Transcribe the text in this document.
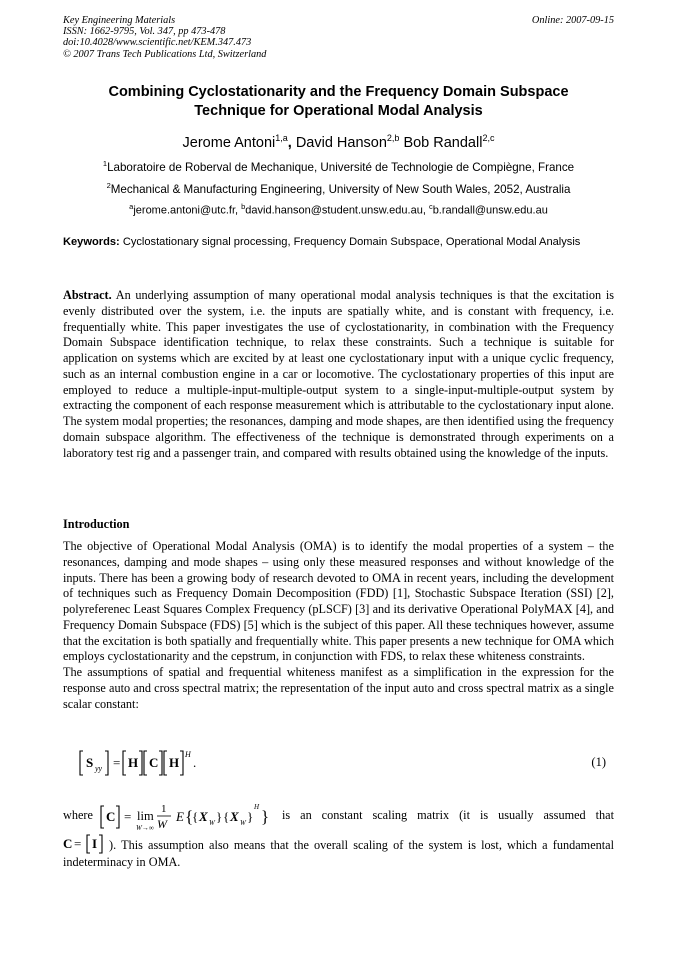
Key Engineering Materials
ISSN: 1662-9795, Vol. 347, pp 473-478
doi:10.4028/www.scientific.net/KEM.347.473
© 2007 Trans Tech Publications Ltd, Switzerland
Online: 2007-09-15
Combining Cyclostationarity and the Frequency Domain Subspace
Technique for Operational Modal Analysis
Jerome Antoni$^{1,a}$, David Hanson$^{2,b}$ Bob Randall$^{2,c}$
$^1$Laboratoire de Roberval de Mechanique, Université de Technologie de Compiègne, France
$^2$Mechanical & Manufacturing Engineering, University of New South Wales, 2052, Australia
$^a$jerome.antoni@utc.fr, $^b$david.hanson@student.unsw.edu.au, $^c$b.randall@unsw.edu.au
Keywords: Cyclostationary signal processing, Frequency Domain Subspace, Operational Modal Analysis
Abstract. An underlying assumption of many operational modal analysis techniques is that the excitation is evenly distributed over the system, i.e. the inputs are spatially white, and is constant with frequency, i.e. frequentially white. This paper investigates the use of cyclostationarity, in combination with the Frequency Domain Subspace identification technique, to relax these constraints. Such a technique is suitable for application on systems which are excited by at least one cyclostationary input with a unique cyclic frequency, such as an internal combustion engine in a car or locomotive. The cyclostationary properties of this input are employed to reduce a multiple-input-multiple-output system to a single-input-multiple-output system by extracting the component of each response measurement which is attributable to the cyclostationary input alone. The system modal properties; the resonances, damping and mode shapes, are then identified using the frequency domain subspace algorithm. The effectiveness of the technique is demonstrated through experiments on a laboratory test rig and a passenger train, and compared with results obtained using the knowledge of the inputs.
Introduction
The objective of Operational Modal Analysis (OMA) is to identify the modal properties of a system – the resonances, damping and mode shapes – using only these measured responses and without knowledge of the inputs. There has been a growing body of research devoted to OMA in recent years, including the development of techniques such as Frequency Domain Decomposition (FDD) [1], Stochastic Subspace Iteration (SSI) [2], polyreferenec Least Squares Complex Frequency (pLSCF) [3] and its derivative Operational PolyMAX [4], and Frequency Domain Subspace (FDS) [5] which is the subject of this paper. All these techniques however, assume that the excitation is both spatially and frequentially white. This paper presents a new technique for OMA which employs cyclostationarity and the cepstrum, in conjunction with FDS, to relax these whiteness constraints.
The assumptions of spatial and frequential whiteness manifest as a simplification in the expression for the response auto and cross spectral matrix; the representation of the input auto and cross spectral matrix as a single scalar constant:
S yy = H C H
H
.	(1)
where C = lim
W→∞
1
W E {
{ X W } { X W }
H } is an constant scaling matrix (it is usually assumed that
C = I ). This assumption also means that the overall scaling of the system is lost, which a fundamental indeterminacy in OMA.
